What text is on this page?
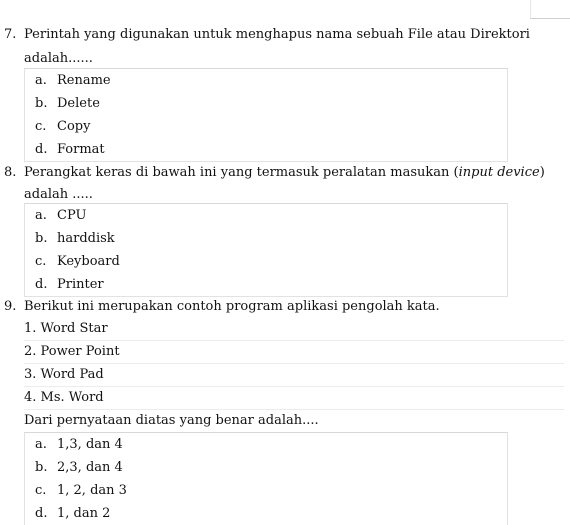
7. Perintah yang digunakan untuk menghapus nama sebuah File atau Direktori
adalah......
a. Rename
b. Delete
c. Copy
d. Format
8. Perangkat keras di bawah ini yang termasuk peralatan masukan (input device)
adalah .....
a. CPU
b. harddisk
c. Keyboard
d. Printer
9. Berikut ini merupakan contoh program aplikasi pengolah kata.
1. Word Star
2. Power Point
3. Word Pad
4. Ms. Word
Dari pernyataan diatas yang benar adalah....
a. 1,3, dan 4
b. 2,3, dan 4
c. 1, 2, dan 3
d. 1, dan 2
